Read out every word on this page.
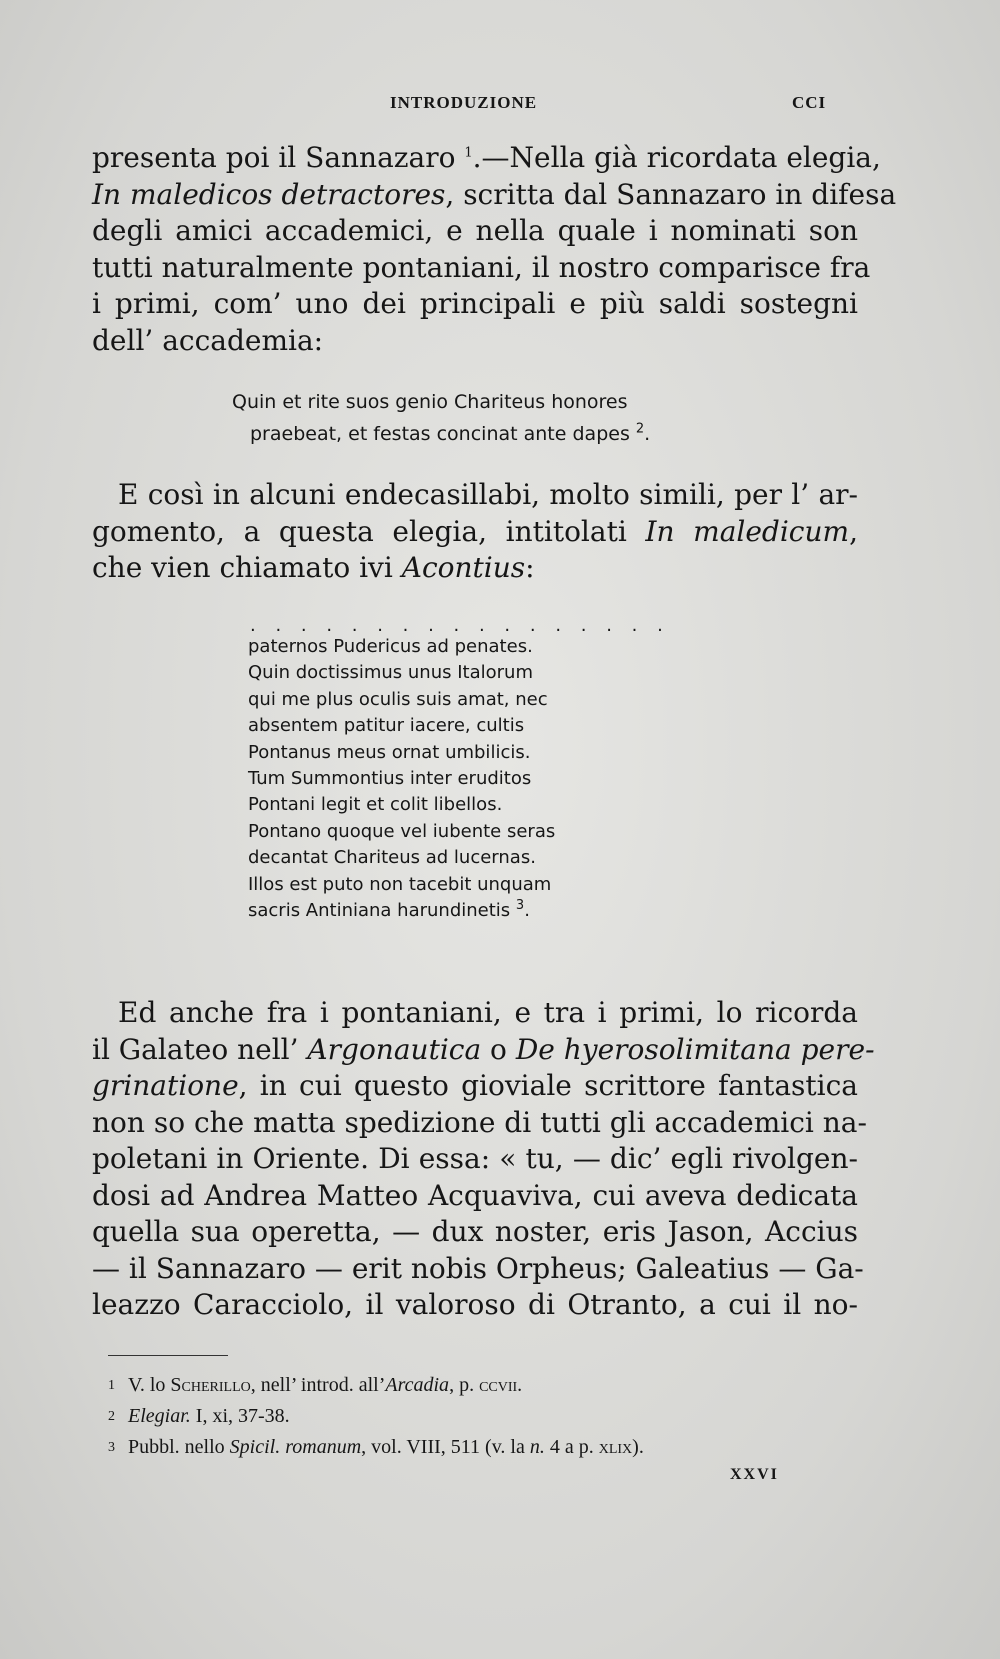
INTRODUZIONE	CCI
presenta poi il Sannazaro $^1$.—Nella già ricordata elegia,
In maledicos detractores, scritta dal Sannazaro in difesa
degli amici accademici, e nella quale i nominati son
tutti naturalmente pontaniani, il nostro comparisce fra
i primi, com’ uno dei principali e più saldi sostegni
dell’ accademia:
Quin et rite suos genio Chariteus honores
praebeat, et festas concinat ante dapes $^2$.
E così in alcuni endecasillabi, molto simili, per l’ ar-
gomento, a questa elegia, intitolati In maledicum,
che vien chiamato ivi Acontius:
. . . . . . . . . . . . . . . . .
paternos Pudericus ad penates.
Quin doctissimus unus Italorum
qui me plus oculis suis amat, nec
absentem patitur iacere, cultis
Pontanus meus ornat umbilicis.
Tum Summontius inter eruditos
Pontani legit et colit libellos.
Pontano quoque vel iubente seras
decantat Chariteus ad lucernas.
Illos est puto non tacebit unquam
sacris Antiniana harundinetis $^3$.
Ed anche fra i pontaniani, e tra i primi, lo ricorda
il Galateo nell’ Argonautica o De hyerosolimitana pere-
grinatione, in cui questo gioviale scrittore fantastica
non so che matta spedizione di tutti gli accademici na-
poletani in Oriente. Di essa: « tu, — dic’ egli rivolgen-
dosi ad Andrea Matteo Acquaviva, cui aveva dedicata
quella sua operetta, — dux noster, eris Jason, Accius
— il Sannazaro — erit nobis Orpheus; Galeatius — Ga-
leazzo Caracciolo, il valoroso di Otranto, a cui il no-
1 V. lo Scherillo, nell’ introd. all’Arcadia, p. ccvii.
2 Elegiar. I, xi, 37-38.
3 Pubbl. nello Spicil. romanum, vol. VIII, 511 (v. la n. 4 a p. xlix).
XXVI
